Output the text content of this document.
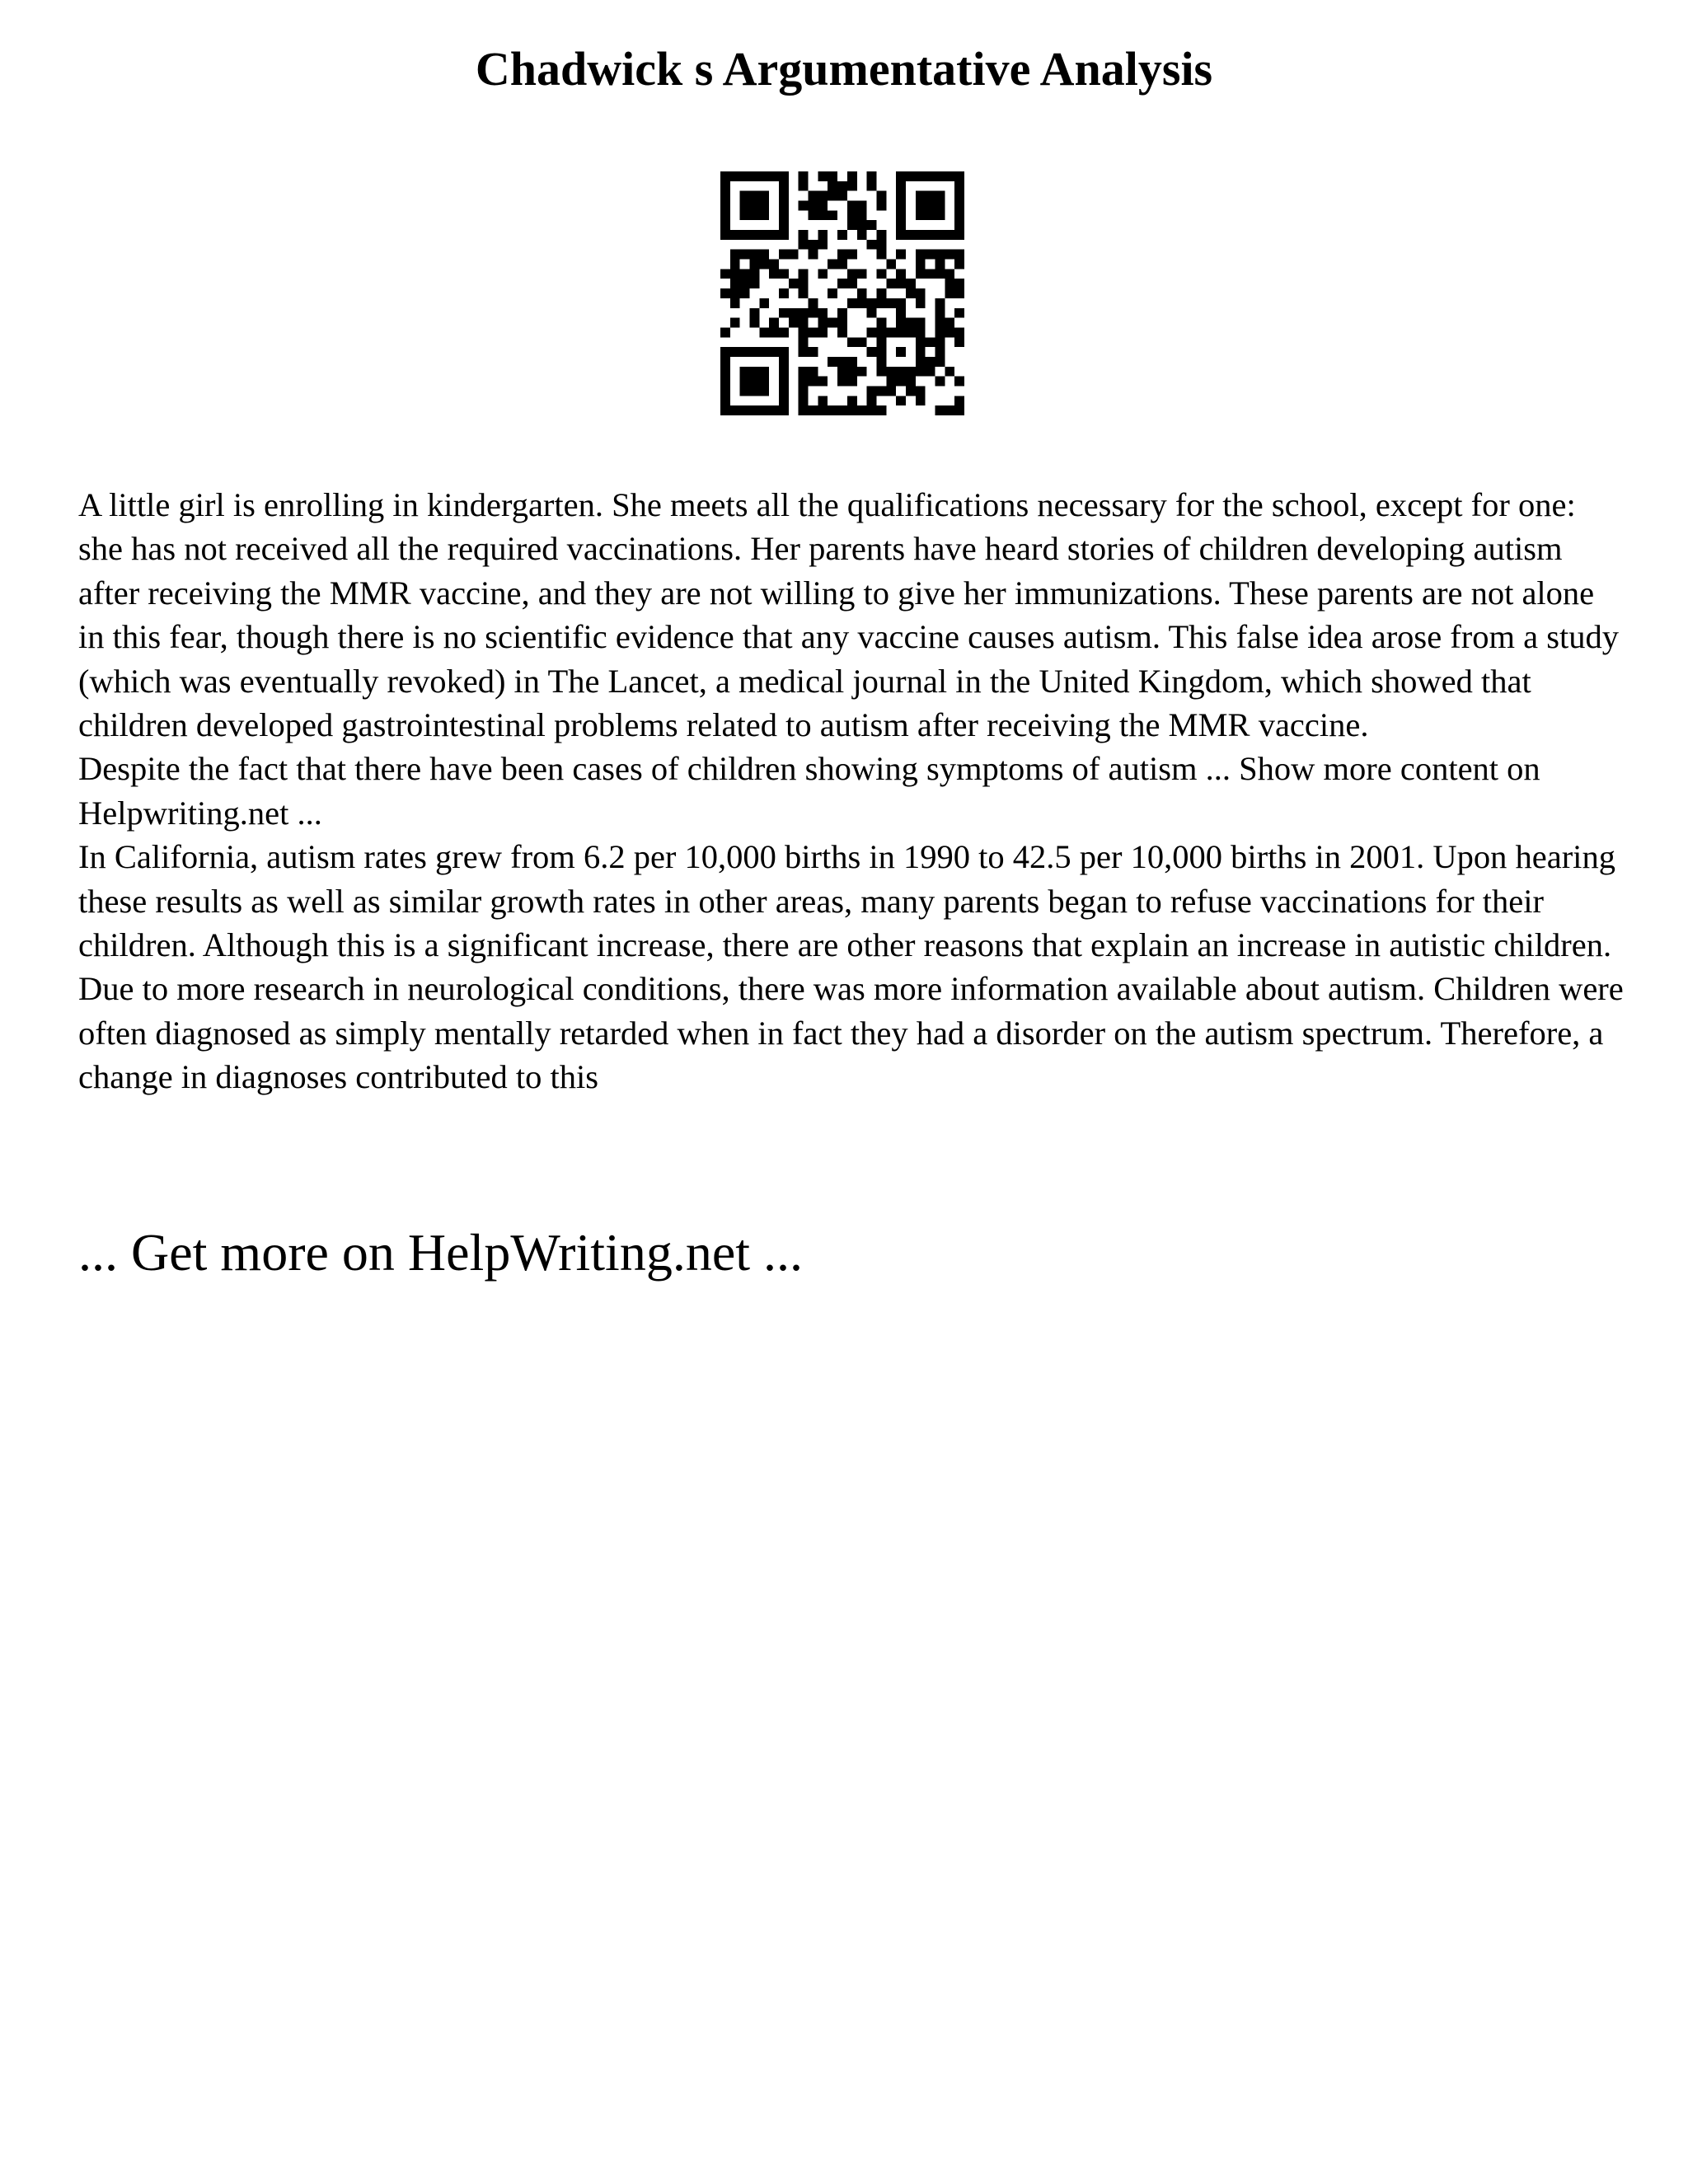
Chadwick s Argumentative Analysis

A little girl is enrolling in kindergarten. She meets all the qualifications necessary for the school, except for one: she has not received all the required vaccinations. Her parents have heard stories of children developing autism after receiving the MMR vaccine, and they are not willing to give her immunizations. These parents are not alone in this fear, though there is no scientific evidence that any vaccine causes autism. This false idea arose from a study (which was eventually revoked) in The Lancet, a medical journal in the United Kingdom, which showed that children developed gastrointestinal problems related to autism after receiving the MMR vaccine.

Despite the fact that there have been cases of children showing symptoms of autism ... Show more content on Helpwriting.net ...

In California, autism rates grew from 6.2 per 10,000 births in 1990 to 42.5 per 10,000 births in 2001. Upon hearing these results as well as similar growth rates in other areas, many parents began to refuse vaccinations for their children. Although this is a significant increase, there are other reasons that explain an increase in autistic children. Due to more research in neurological conditions, there was more information available about autism. Children were often diagnosed as simply mentally retarded when in fact they had a disorder on the autism spectrum. Therefore, a change in diagnoses contributed to this

... Get more on HelpWriting.net ...
